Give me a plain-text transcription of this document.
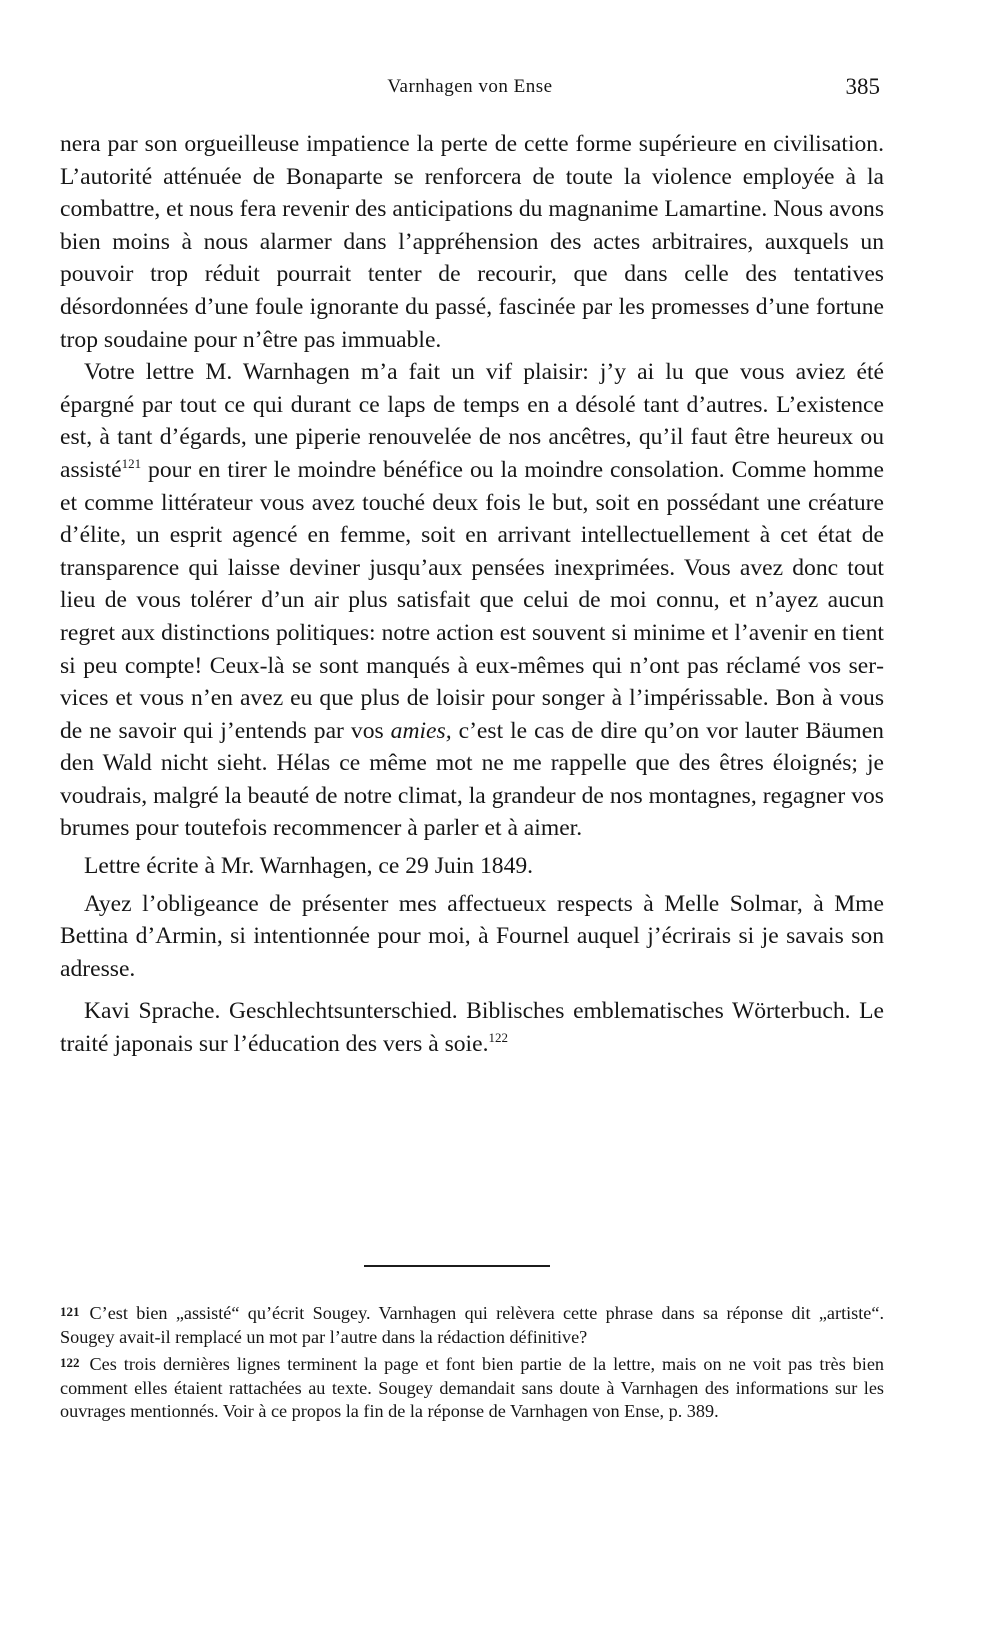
Varnhagen von Ense	385

nera par son orgueilleuse impatience la perte de cette forme supérieure en civilisation. L’autorité atténuée de Bonaparte se renforcera de toute la violence employée à la combattre, et nous fera revenir des anticipations du magnanime Lamartine. Nous avons bien moins à nous alarmer dans l’appréhension des actes arbitraires, auxquels un pouvoir trop réduit pourrait tenter de recourir, que dans celle des tentatives désordonnées d’une foule ignorante du passé, fascinée par les promesses d’une fortune trop soudaine pour n’être pas immuable.

Votre lettre M. Warnhagen m’a fait un vif plaisir: j’y ai lu que vous aviez été épargné par tout ce qui durant ce laps de temps en a désolé tant d’autres. L’existence est, à tant d’égards, une piperie renouvelée de nos ancêtres, qu’il faut être heureux ou assisté$^{121}$ pour en tirer le moindre bénéfice ou la moindre consolation. Comme homme et comme littérateur vous avez touché deux fois le but, soit en possédant une créature d’élite, un esprit agencé en femme, soit en arrivant intellectuellement à cet état de transparence qui laisse deviner jusqu’aux pensées inexprimées. Vous avez donc tout lieu de vous tolérer d’un air plus satisfait que celui de moi connu, et n’ayez aucun regret aux distinctions politiques: notre action est souvent si minime et l’avenir en tient si peu compte! Ceux-là se sont manqués à eux-mêmes qui n’ont pas réclamé vos services et vous n’en avez eu que plus de loisir pour songer à l’impérissable. Bon à vous de ne savoir qui j’entends par vos amies, c’est le cas de dire qu’on vor lauter Bäumen den Wald nicht sieht. Hélas ce même mot ne me rappelle que des êtres éloignés; je voudrais, malgré la beauté de notre climat, la grandeur de nos montagnes, regagner vos brumes pour toutefois recommencer à parler et à aimer.

Lettre écrite à Mr. Warnhagen, ce 29 Juin 1849.

Ayez l’obligeance de présenter mes affectueux respects à Melle Solmar, à Mme Bettina d’Armin, si intentionnée pour moi, à Fournel auquel j’écrirais si je savais son adresse.

Kavi Sprache. Geschlechtsunterschied. Biblisches emblematisches Wörterbuch. Le traité japonais sur l’éducation des vers à soie.$^{122}$

121 C’est bien „assisté“ qu’écrit Sougey. Varnhagen qui relèvera cette phrase dans sa réponse dit „artiste“. Sougey avait-il remplacé un mot par l’autre dans la rédaction définitive?

122 Ces trois dernières lignes terminent la page et font bien partie de la lettre, mais on ne voit pas très bien comment elles étaient rattachées au texte. Sougey demandait sans doute à Varnhagen des informations sur les ouvrages mentionnés. Voir à ce propos la fin de la réponse de Varnhagen von Ense, p. 389.
